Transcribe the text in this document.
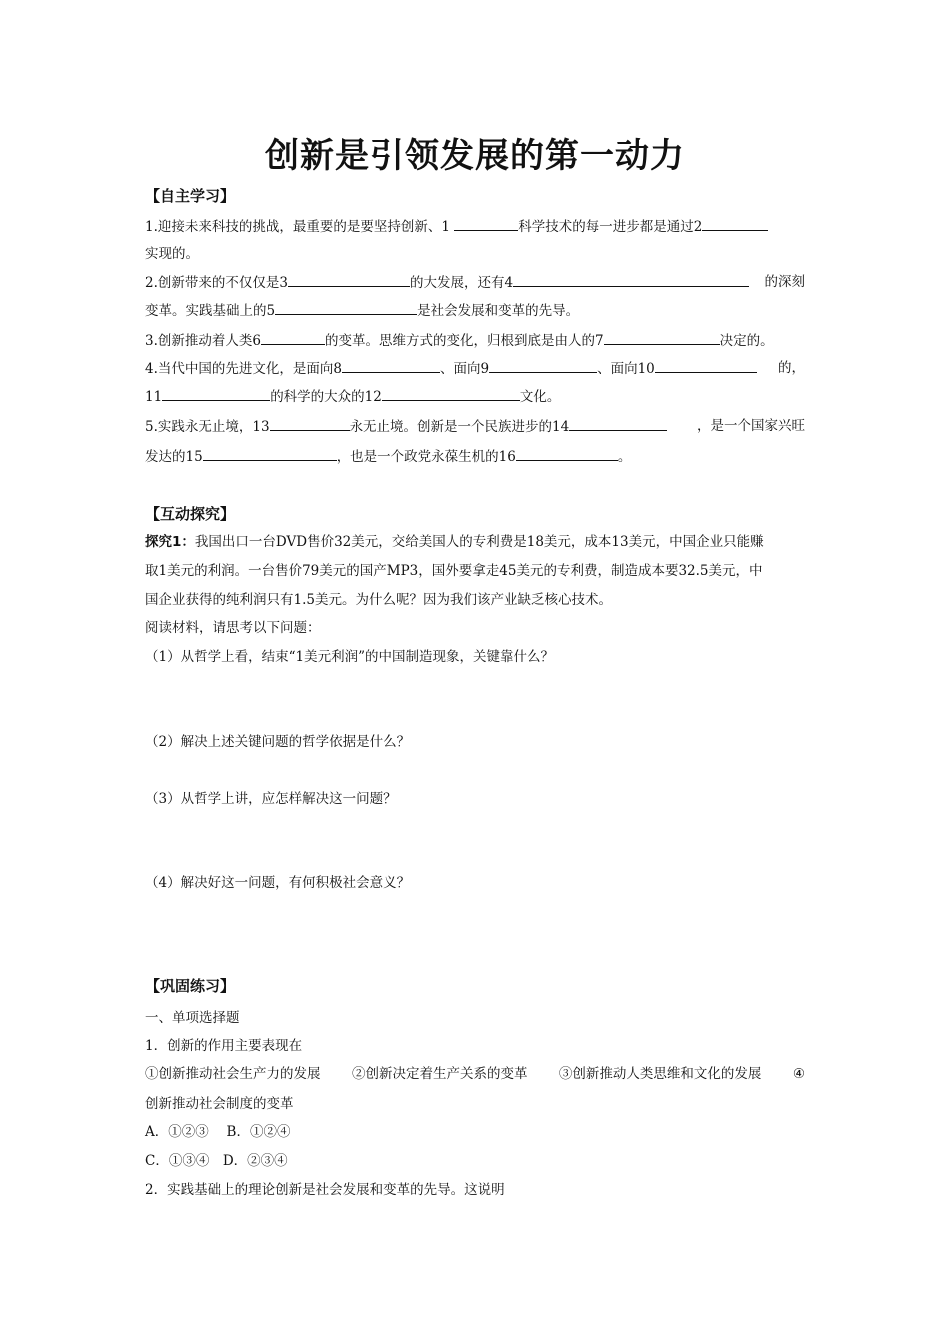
创新是引领发展的第一动力
【自主学习】
1.迎接未来科技的挑战，最重要的是要坚持创新、1	科学技术的每一进步都是通过2
实现的。
2.创新带来的不仅仅是3	的大发展，还有4	的深刻
变革。实践基础上的5	是社会发展和变革的先导。
3.创新推动着人类6	的变革。思维方式的变化，归根到底是由人的7	决定的。
4.当代中国的先进文化，是面向8	、面向9	、面向10	的，
11	的科学的大众的12	文化。
5.实践永无止境，13	永无止境。创新是一个民族进步的14	，是一个国家兴旺
发达的15	，也是一个政党永葆生机的16	。
【互动探究】
探究1：我国出口一台DVD售价32美元，交给美国人的专利费是18美元，成本13美元，中国企业只能赚
取1美元的利润。一台售价79美元的国产MP3，国外要拿走45美元的专利费，制造成本要32.5美元，中
国企业获得的纯利润只有1.5美元。为什么呢？因为我们该产业缺乏核心技术。
阅读材料，请思考以下问题：
（1）从哲学上看，结束“1美元利润”的中国制造现象，关键靠什么？
（2）解决上述关键问题的哲学依据是什么？
（3）从哲学上讲，应怎样解决这一问题？
（4）解决好这一问题，有何积极社会意义？
【巩固练习】
一、单项选择题
1．创新的作用主要表现在
①创新推动社会生产力的发展 ②创新决定着生产关系的变革 ③创新推动人类思维和文化的发展 ④
创新推动社会制度的变革
A．①②③　 B．①②④
C．①③④　D．②③④
2．实践基础上的理论创新是社会发展和变革的先导。这说明
